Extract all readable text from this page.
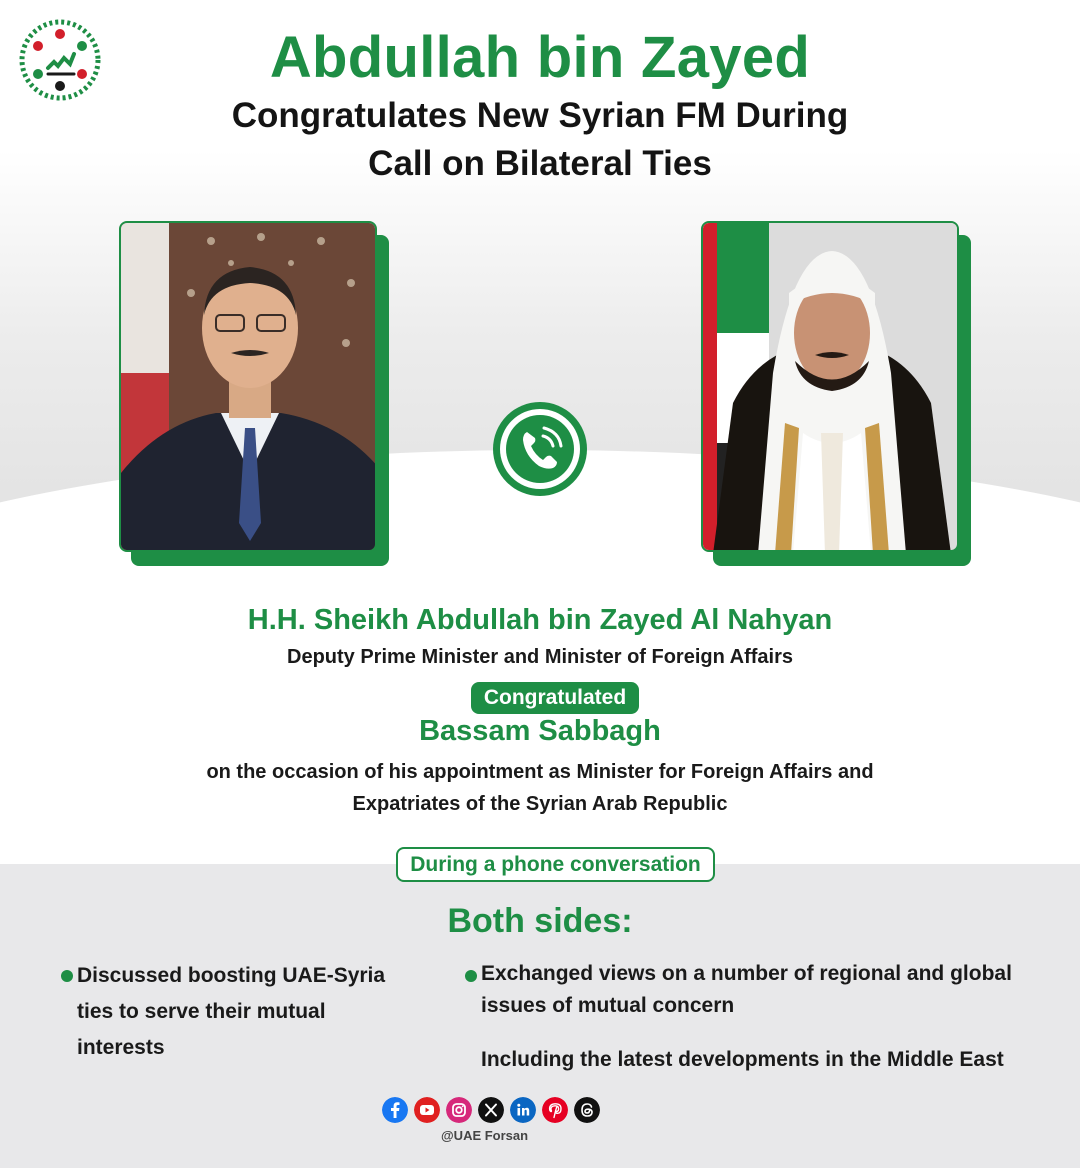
Abdullah bin Zayed
Congratulates New Syrian FM During
Call on Bilateral Ties
H.H. Sheikh Abdullah bin Zayed Al Nahyan
Deputy Prime Minister and Minister of Foreign Affairs
Congratulated
Bassam Sabbagh
on the occasion of his appointment as Minister for Foreign Affairs and
Expatriates of the Syrian Arab Republic
During a phone conversation
Both sides:
Discussed boosting UAE-Syria
ties to serve their mutual
interests
Exchanged views on a number of regional and global
issues of mutual concern
Including the latest developments in the Middle East
@UAE Forsan
